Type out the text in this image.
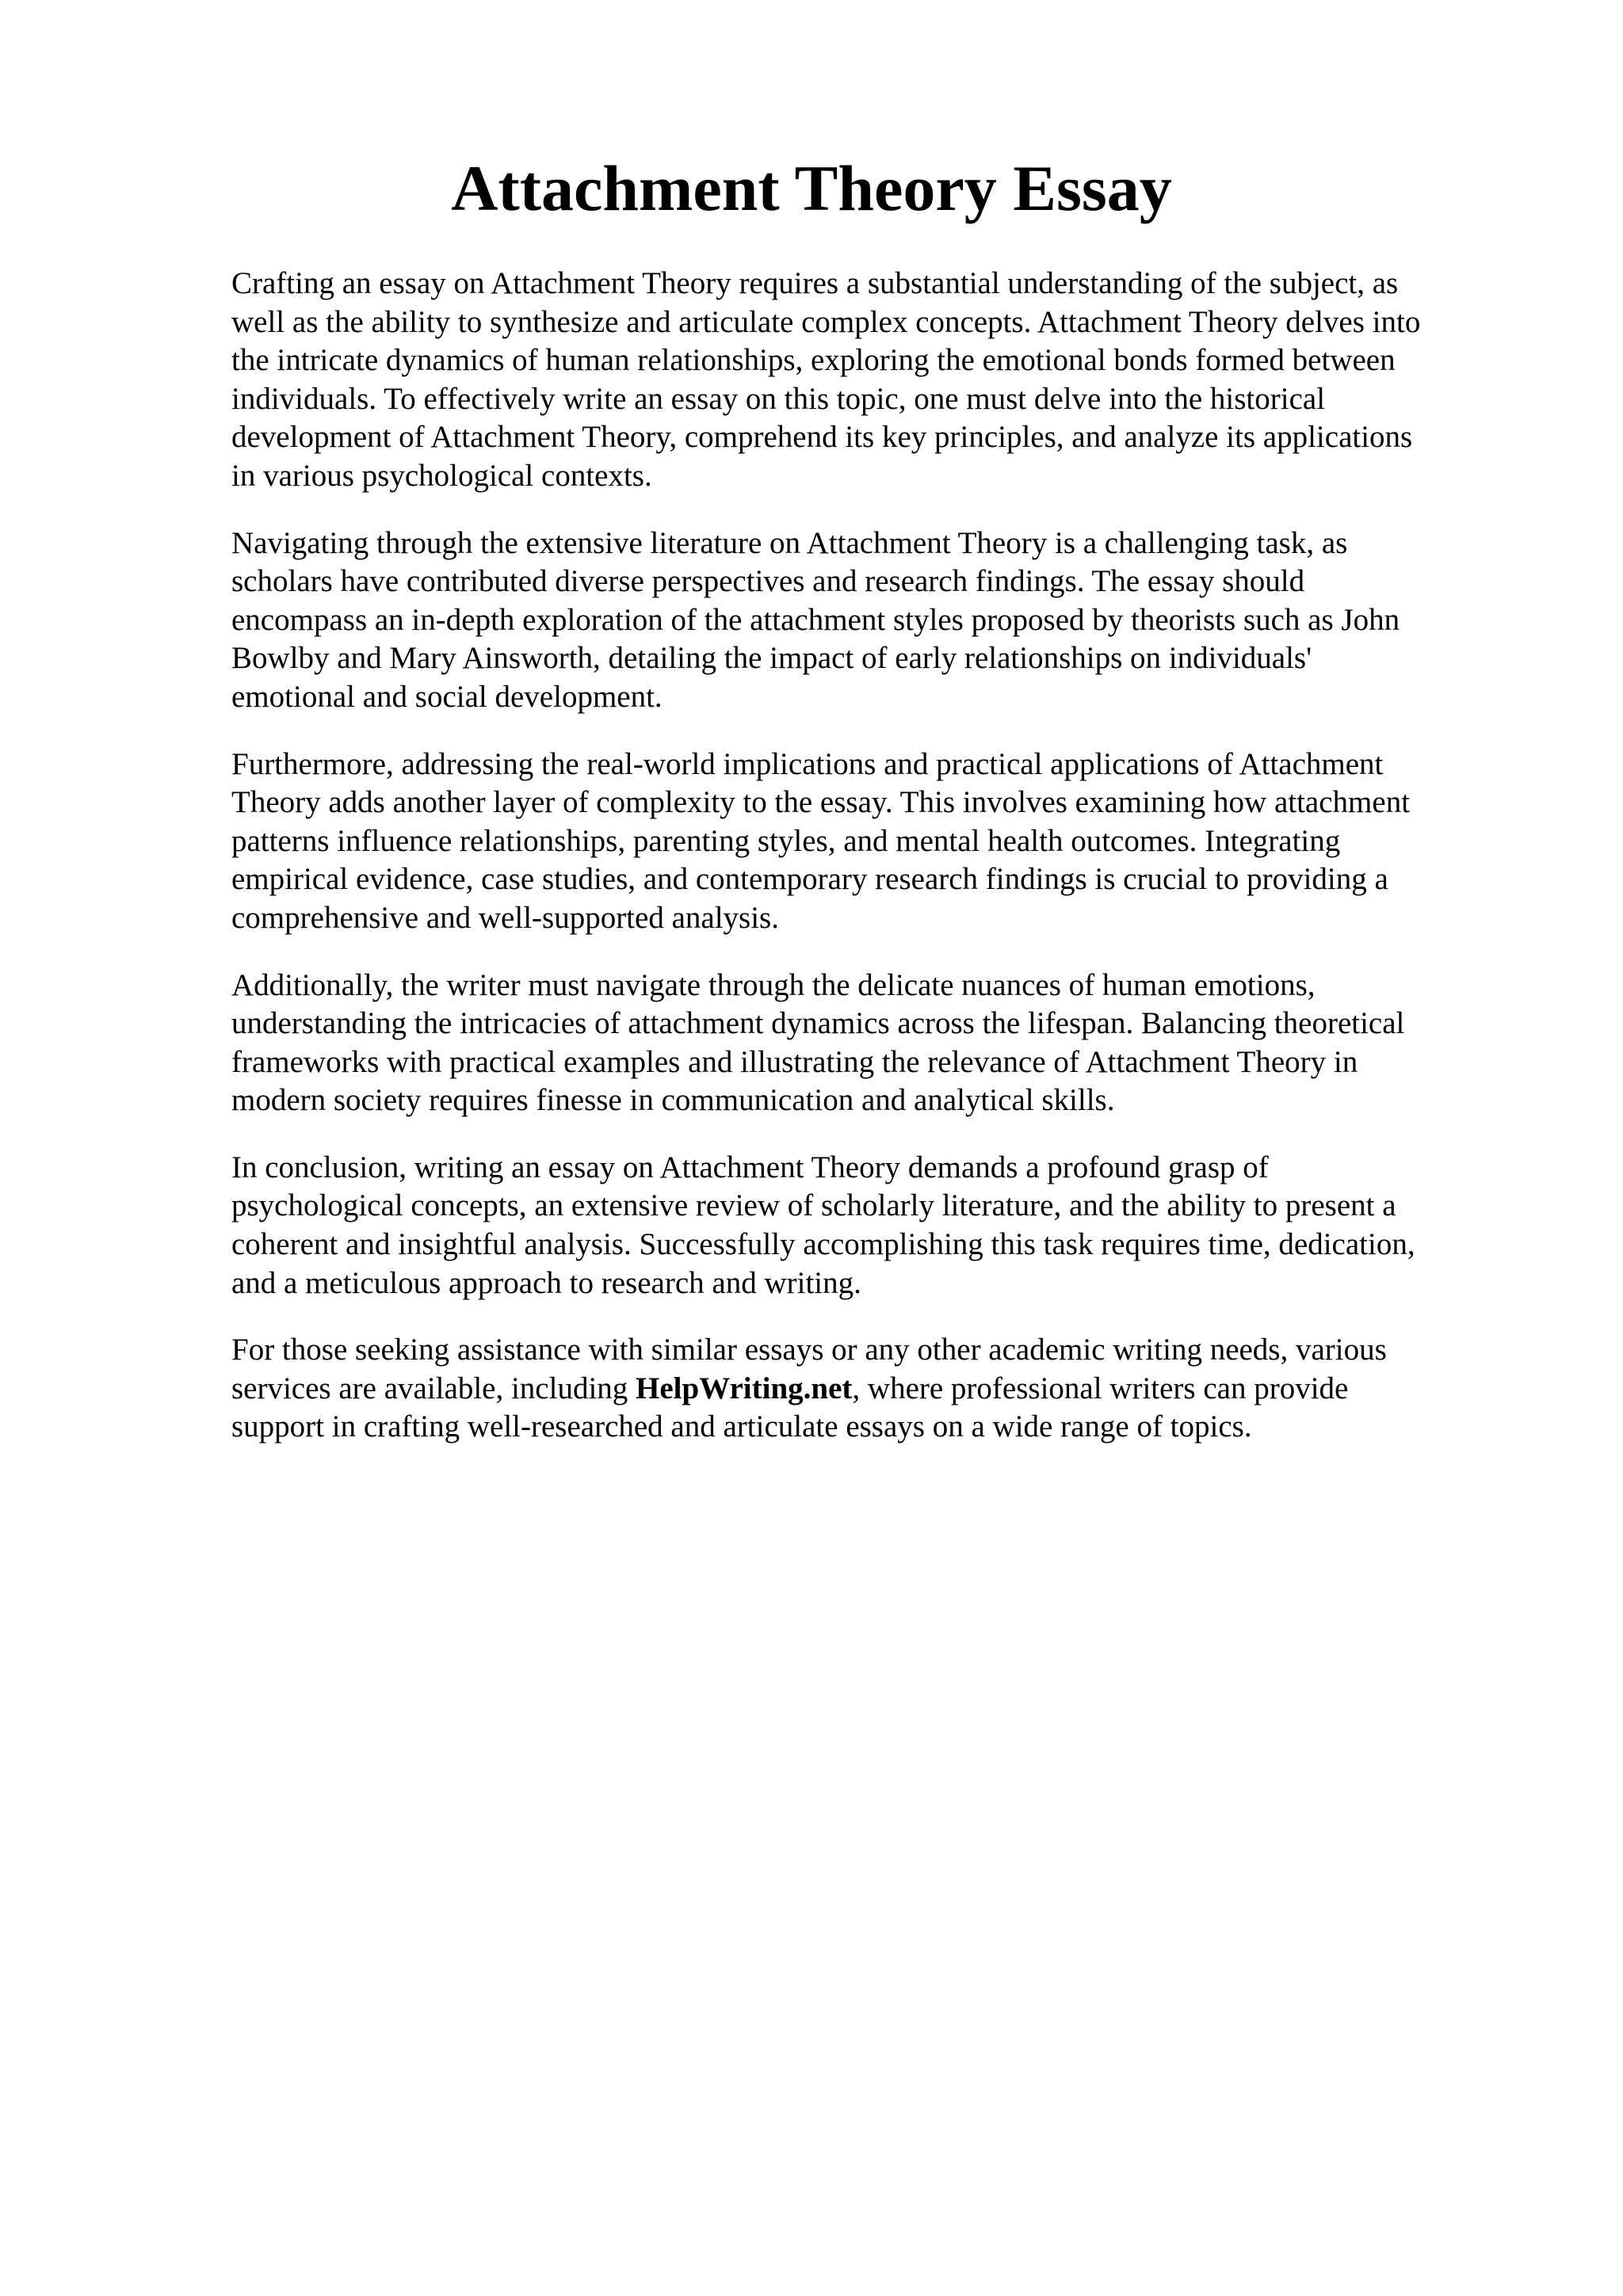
Attachment Theory Essay

Crafting an essay on Attachment Theory requires a substantial understanding of the subject, as
well as the ability to synthesize and articulate complex concepts. Attachment Theory delves into
the intricate dynamics of human relationships, exploring the emotional bonds formed between
individuals. To effectively write an essay on this topic, one must delve into the historical
development of Attachment Theory, comprehend its key principles, and analyze its applications
in various psychological contexts.

Navigating through the extensive literature on Attachment Theory is a challenging task, as
scholars have contributed diverse perspectives and research findings. The essay should
encompass an in-depth exploration of the attachment styles proposed by theorists such as John
Bowlby and Mary Ainsworth, detailing the impact of early relationships on individuals'
emotional and social development.

Furthermore, addressing the real-world implications and practical applications of Attachment
Theory adds another layer of complexity to the essay. This involves examining how attachment
patterns influence relationships, parenting styles, and mental health outcomes. Integrating
empirical evidence, case studies, and contemporary research findings is crucial to providing a
comprehensive and well-supported analysis.

Additionally, the writer must navigate through the delicate nuances of human emotions,
understanding the intricacies of attachment dynamics across the lifespan. Balancing theoretical
frameworks with practical examples and illustrating the relevance of Attachment Theory in
modern society requires finesse in communication and analytical skills.

In conclusion, writing an essay on Attachment Theory demands a profound grasp of
psychological concepts, an extensive review of scholarly literature, and the ability to present a
coherent and insightful analysis. Successfully accomplishing this task requires time, dedication,
and a meticulous approach to research and writing.

For those seeking assistance with similar essays or any other academic writing needs, various
services are available, including HelpWriting.net, where professional writers can provide
support in crafting well-researched and articulate essays on a wide range of topics.
